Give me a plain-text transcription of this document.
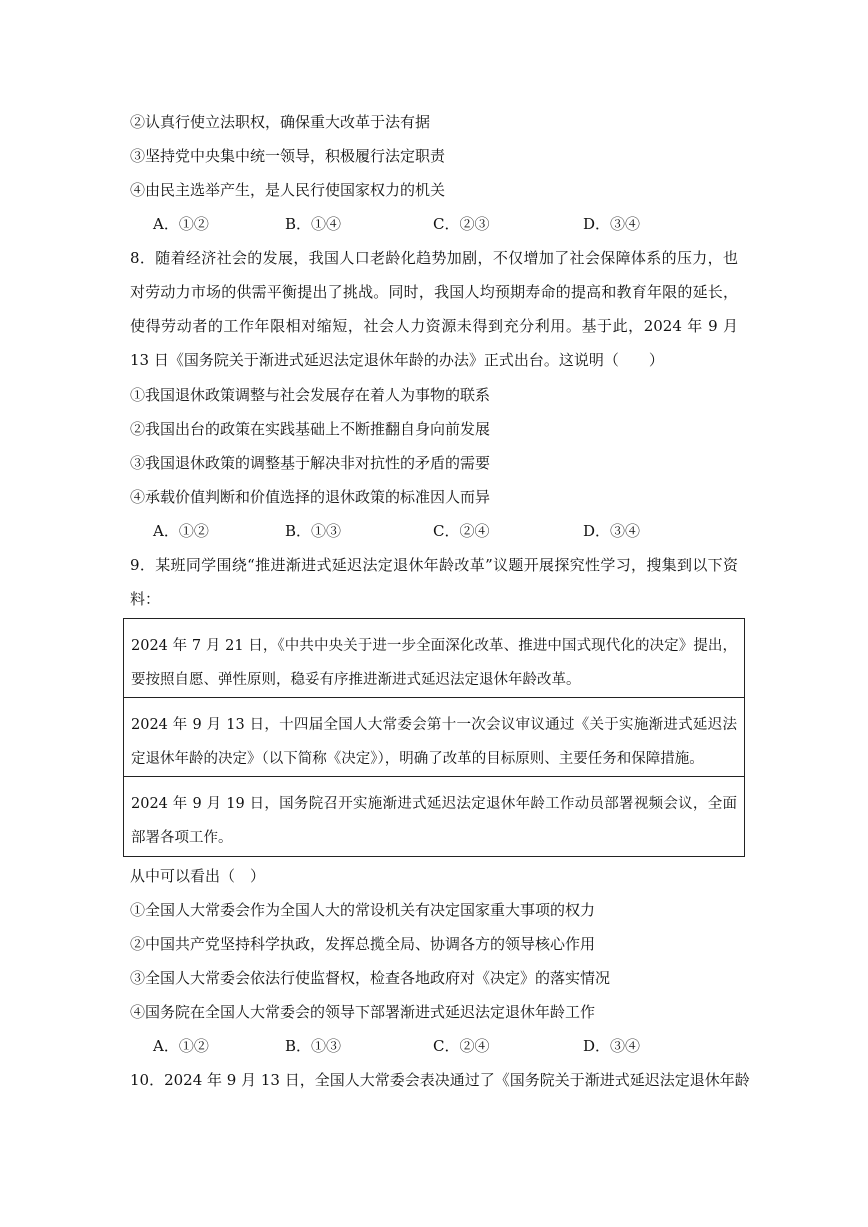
②认真行使立法职权，确保重大改革于法有据
③坚持党中央集中统一领导，积极履行法定职责
④由民主选举产生，是人民行使国家权力的机关
A．①②	B．①④	C．②③	D．③④
8．随着经济社会的发展，我国人口老龄化趋势加剧，不仅增加了社会保障体系的压力，也对劳动力市场的供需平衡提出了挑战。同时，我国人均预期寿命的提高和教育年限的延长，使得劳动者的工作年限相对缩短，社会人力资源未得到充分利用。基于此，2024 年 9 月 13 日《国务院关于渐进式延迟法定退休年龄的办法》正式出台。这说明（　　）
①我国退休政策调整与社会发展存在着人为事物的联系
②我国出台的政策在实践基础上不断推翻自身向前发展
③我国退休政策的调整基于解决非对抗性的矛盾的需要
④承载价值判断和价值选择的退休政策的标准因人而异
A．①②	B．①③	C．②④	D．③④
9．某班同学围绕“推进渐进式延迟法定退休年龄改革”议题开展探究性学习，搜集到以下资料：
2024 年 7 月 21 日，《中共中央关于进一步全面深化改革、推进中国式现代化的决定》提出，要按照自愿、弹性原则，稳妥有序推进渐进式延迟法定退休年龄改革。
2024 年 9 月 13 日，十四届全国人大常委会第十一次会议审议通过《关于实施渐进式延迟法定退休年龄的决定》（以下简称《决定》），明确了改革的目标原则、主要任务和保障措施。
2024 年 9 月 19 日，国务院召开实施渐进式延迟法定退休年龄工作动员部署视频会议，全面部署各项工作。
从中可以看出（　）
①全国人大常委会作为全国人大的常设机关有决定国家重大事项的权力
②中国共产党坚持科学执政，发挥总揽全局、协调各方的领导核心作用
③全国人大常委会依法行使监督权，检查各地政府对《决定》的落实情况
④国务院在全国人大常委会的领导下部署渐进式延迟法定退休年龄工作
A．①②	B．①③	C．②④	D．③④
10．2024 年 9 月 13 日，全国人大常委会表决通过了《国务院关于渐进式延迟法定退休年龄
